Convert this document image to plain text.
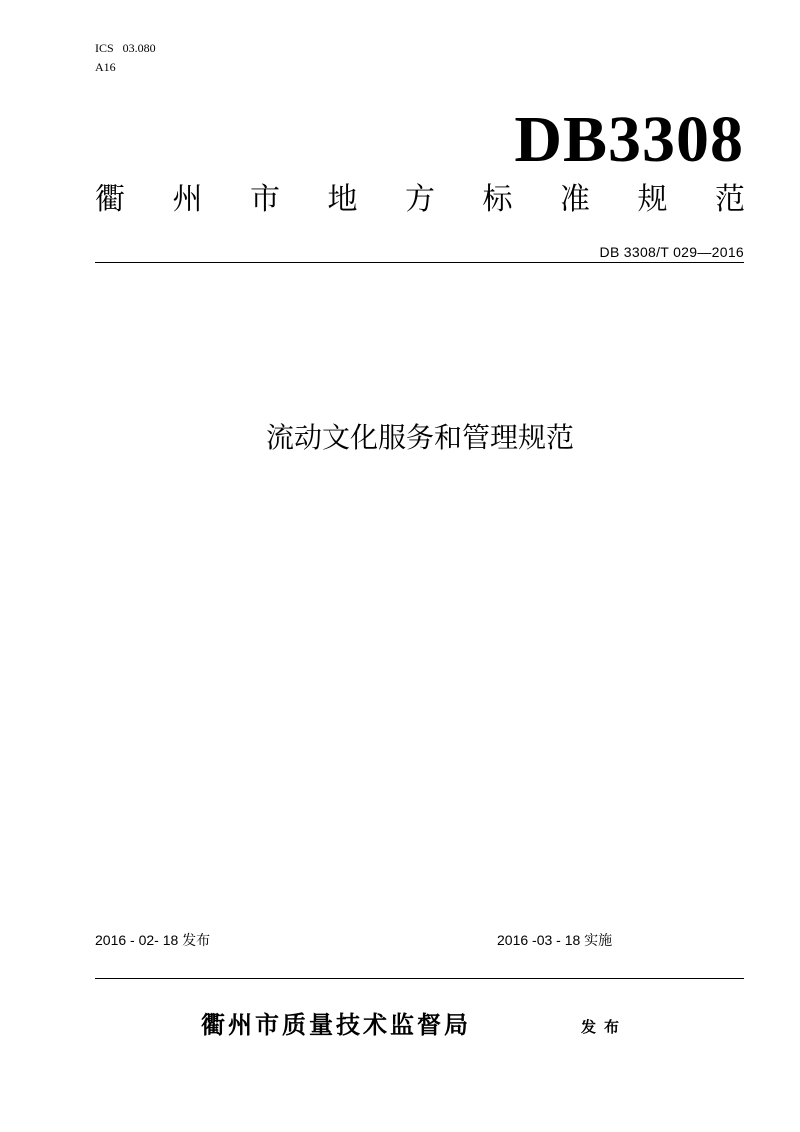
ICS   03.080
A16
DB3308
衢 州 市 地 方 标 准 规 范
DB 3308/T 029—2016
流动文化服务和管理规范
2016 - 02- 18 发布	2016 -03 - 18 实施
衢州市质量技术监督局	发布
